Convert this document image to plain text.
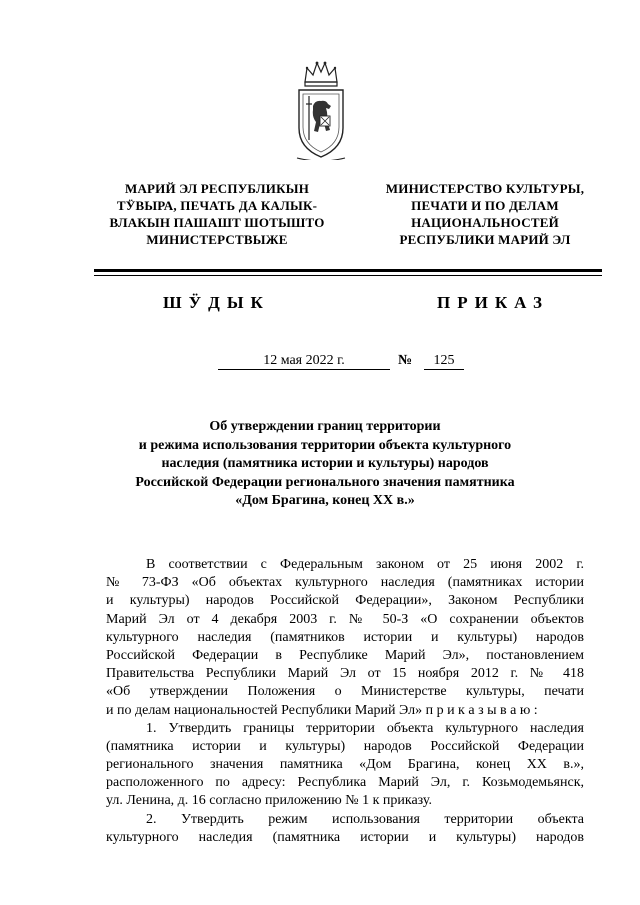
МАРИЙ ЭЛ РЕСПУБЛИКЫН
ТӰВЫРА, ПЕЧАТЬ ДА КАЛЫК-
ВЛАКЫН ПАШАШТ ШОТЫШТО
МИНИСТЕРСТВЫЖЕ
МИНИСТЕРСТВО КУЛЬТУРЫ,
ПЕЧАТИ И ПО ДЕЛАМ
НАЦИОНАЛЬНОСТЕЙ
РЕСПУБЛИКИ МАРИЙ ЭЛ
ШӰДЫК	ПРИКАЗ
12 мая 2022 г.	№	125
Об утверждении границ территории
и режима использования территории объекта культурного
наследия (памятника истории и культуры) народов
Российской Федерации регионального значения памятника
«Дом Брагина, конец ХХ в.»
В соответствии с Федеральным законом от 25 июня 2002 г.
№ 73-ФЗ «Об объектах культурного наследия (памятниках истории
и культуры) народов Российской Федерации», Законом Республики
Марий Эл от 4 декабря 2003 г. № 50-З «О сохранении объектов
культурного наследия (памятников истории и культуры) народов
Российской Федерации в Республике Марий Эл», постановлением
Правительства Республики Марий Эл от 15 ноября 2012 г. № 418
«Об утверждении Положения о Министерстве культуры, печати
и по делам национальностей Республики Марий Эл» п р и к а з ы в а ю :
1. Утвердить границы территории объекта культурного наследия
(памятника истории и культуры) народов Российской Федерации
регионального значения памятника «Дом Брагина, конец ХХ в.»,
расположенного по адресу: Республика Марий Эл, г. Козьмодемьянск,
ул. Ленина, д. 16 согласно приложению № 1 к приказу.
2. Утвердить режим использования территории объекта
культурного наследия (памятника истории и культуры) народов
